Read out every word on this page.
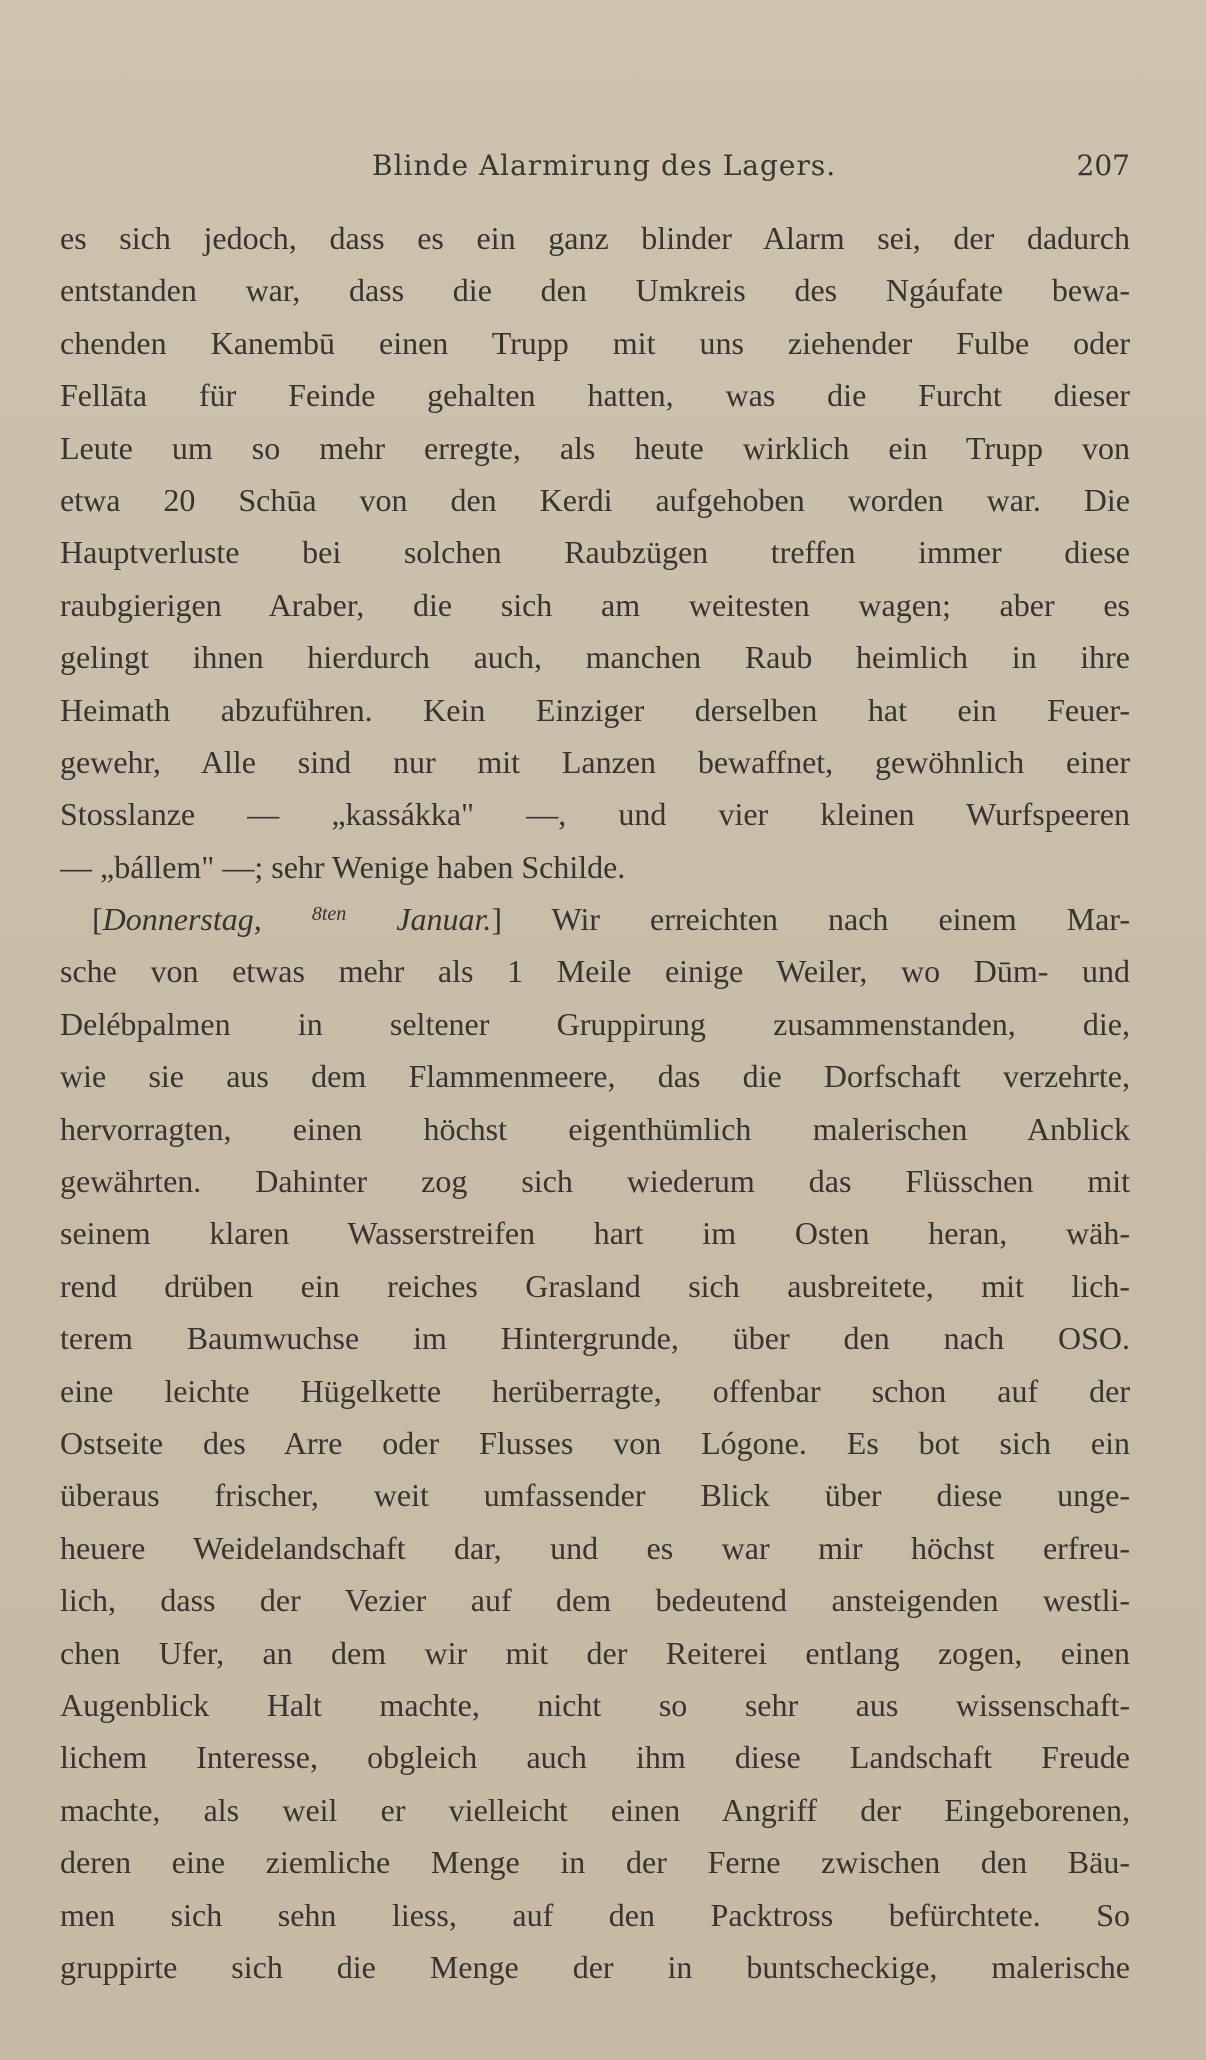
Blinde Alarmirung des Lagers.	207
es sich jedoch, dass es ein ganz blinder Alarm sei, der dadurch
entstanden war, dass die den Umkreis des Ngáufate bewa-
chenden Kanembū einen Trupp mit uns ziehender Fulbe oder
Fellāta für Feinde gehalten hatten, was die Furcht dieser
Leute um so mehr erregte, als heute wirklich ein Trupp von
etwa 20 Schūa von den Kerdi aufgehoben worden war. Die
Hauptverluste bei solchen Raubzügen treffen immer diese
raubgierigen Araber, die sich am weitesten wagen; aber es
gelingt ihnen hierdurch auch, manchen Raub heimlich in ihre
Heimath abzuführen. Kein Einziger derselben hat ein Feuer-
gewehr, Alle sind nur mit Lanzen bewaffnet, gewöhnlich einer
Stosslanze — „kassákka" —, und vier kleinen Wurfspeeren
— „bállem" —; sehr Wenige haben Schilde.
[Donnerstag,	$^{8ten}$ Januar.] Wir erreichten nach einem Mar-
sche von etwas mehr als 1 Meile einige Weiler, wo Dūm- und
Delébpalmen in seltener Gruppirung zusammenstanden, die,
wie sie aus dem Flammenmeere, das die Dorfschaft verzehrte,
hervorragten, einen höchst eigenthümlich malerischen Anblick
gewährten. Dahinter zog sich wiederum das Flüsschen mit
seinem klaren Wasserstreifen hart im Osten heran, wäh-
rend drüben ein reiches Grasland sich ausbreitete, mit lich-
terem Baumwuchse im Hintergrunde, über den nach OSO.
eine leichte Hügelkette herüberragte, offenbar schon auf der
Ostseite des Arre oder Flusses von Lógone. Es bot sich ein
überaus frischer, weit umfassender Blick über diese unge-
heuere Weidelandschaft dar, und es war mir höchst erfreu-
lich, dass der Vezier auf dem bedeutend ansteigenden westli-
chen Ufer, an dem wir mit der Reiterei entlang zogen, einen
Augenblick Halt machte, nicht so sehr aus wissenschaft-
lichem Interesse, obgleich auch ihm diese Landschaft Freude
machte, als weil er vielleicht einen Angriff der Eingeborenen,
deren eine ziemliche Menge in der Ferne zwischen den Bäu-
men sich sehn liess, auf den Packtross befürchtete. So
gruppirte sich die Menge der in buntscheckige, malerische
